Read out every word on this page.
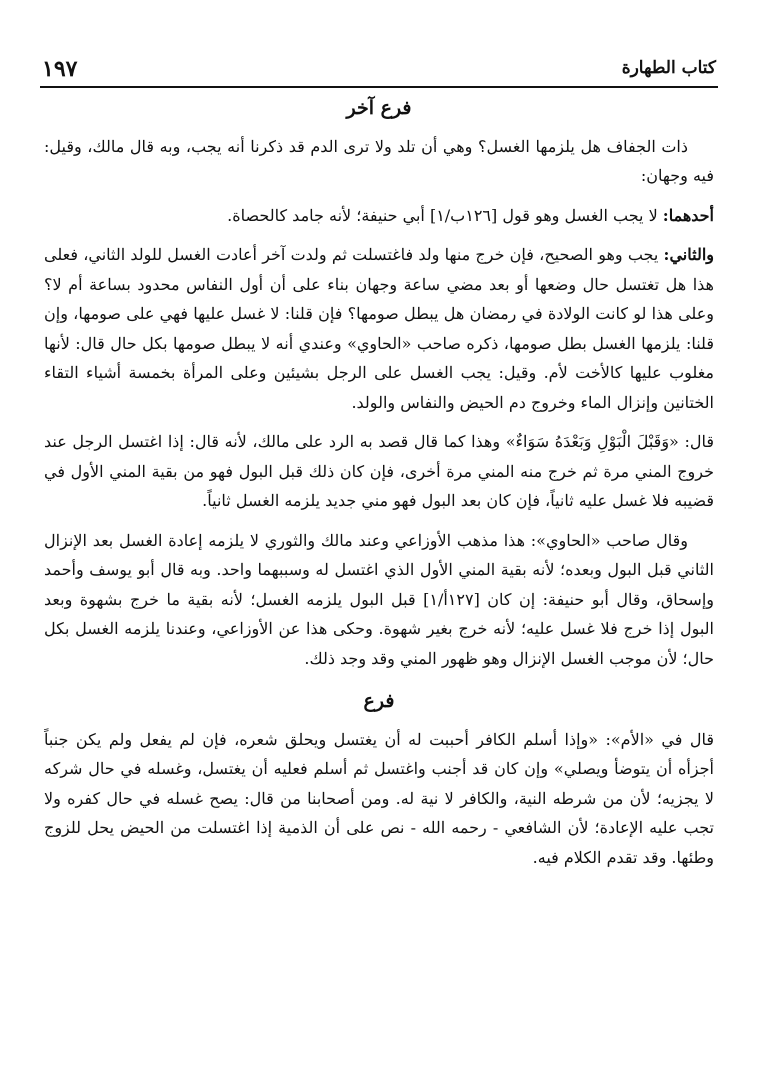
١٩٧	كتاب الطهارة
فرع آخر

ذات الجفاف هل يلزمها الغسل؟ وهي أن تلد ولا ترى الدم قد ذكرنا أنه يجب، وبه قال مالك، وقيل: فيه وجهان:

أحدهما: لا يجب الغسل وهو قول [١٢٦ب/١] أبي حنيفة؛ لأنه جامد كالحصاة.

والثاني: يجب وهو الصحيح، فإن خرج منها ولد فاغتسلت ثم ولدت آخر أعادت الغسل للولد الثاني، فعلى هذا هل تغتسل حال وضعها أو بعد مضي ساعة وجهان بناء على أن أول النفاس محدود بساعة أم لا؟ وعلى هذا لو كانت الولادة في رمضان هل يبطل صومها؟ فإن قلنا: لا غسل عليها فهي على صومها، وإن قلنا: يلزمها الغسل بطل صومها، ذكره صاحب «الحاوي» وعندي أنه لا يبطل صومها بكل حال قال: لأنها مغلوب عليها كالأخت لأم. وقيل: يجب الغسل على الرجل بشيئين وعلى المرأة بخمسة أشياء التقاء الختانين وإنزال الماء وخروج دم الحيض والنفاس والولد.

قال: «وَقَبْلَ الْبَوْلِ وَبَعْدَهُ سَوَاءٌ» وهذا كما قال قصد به الرد على مالك، لأنه قال: إذا اغتسل الرجل عند خروج المني مرة ثم خرج منه المني مرة أخرى، فإن كان ذلك قبل البول فهو من بقية المني الأول في قضيبه فلا غسل عليه ثانياً، فإن كان بعد البول فهو مني جديد يلزمه الغسل ثانياً.

وقال صاحب «الحاوي»: هذا مذهب الأوزاعي وعند مالك والثوري لا يلزمه إعادة الغسل بعد الإنزال الثاني قبل البول وبعده؛ لأنه بقية المني الأول الذي اغتسل له وسببهما واحد. وبه قال أبو يوسف وأحمد وإسحاق، وقال أبو حنيفة: إن كان [١٢٧أ/١] قبل البول يلزمه الغسل؛ لأنه بقية ما خرج بشهوة وبعد البول إذا خرج فلا غسل عليه؛ لأنه خرج بغير شهوة. وحكى هذا عن الأوزاعي، وعندنا يلزمه الغسل بكل حال؛ لأن موجب الغسل الإنزال وهو ظهور المني وقد وجد ذلك.

فرع

قال في «الأم»: «وإذا أسلم الكافر أحببت له أن يغتسل ويحلق شعره، فإن لم يفعل ولم يكن جنباً أجزأه أن يتوضأ ويصلي» وإن كان قد أجنب واغتسل ثم أسلم فعليه أن يغتسل، وغسله في حال شركه لا يجزيه؛ لأن من شرطه النية، والكافر لا نية له. ومن أصحابنا من قال: يصح غسله في حال كفره ولا تجب عليه الإعادة؛ لأن الشافعي - رحمه الله - نص على أن الذمية إذا اغتسلت من الحيض يحل للزوج وطئها. وقد تقدم الكلام فيه.
